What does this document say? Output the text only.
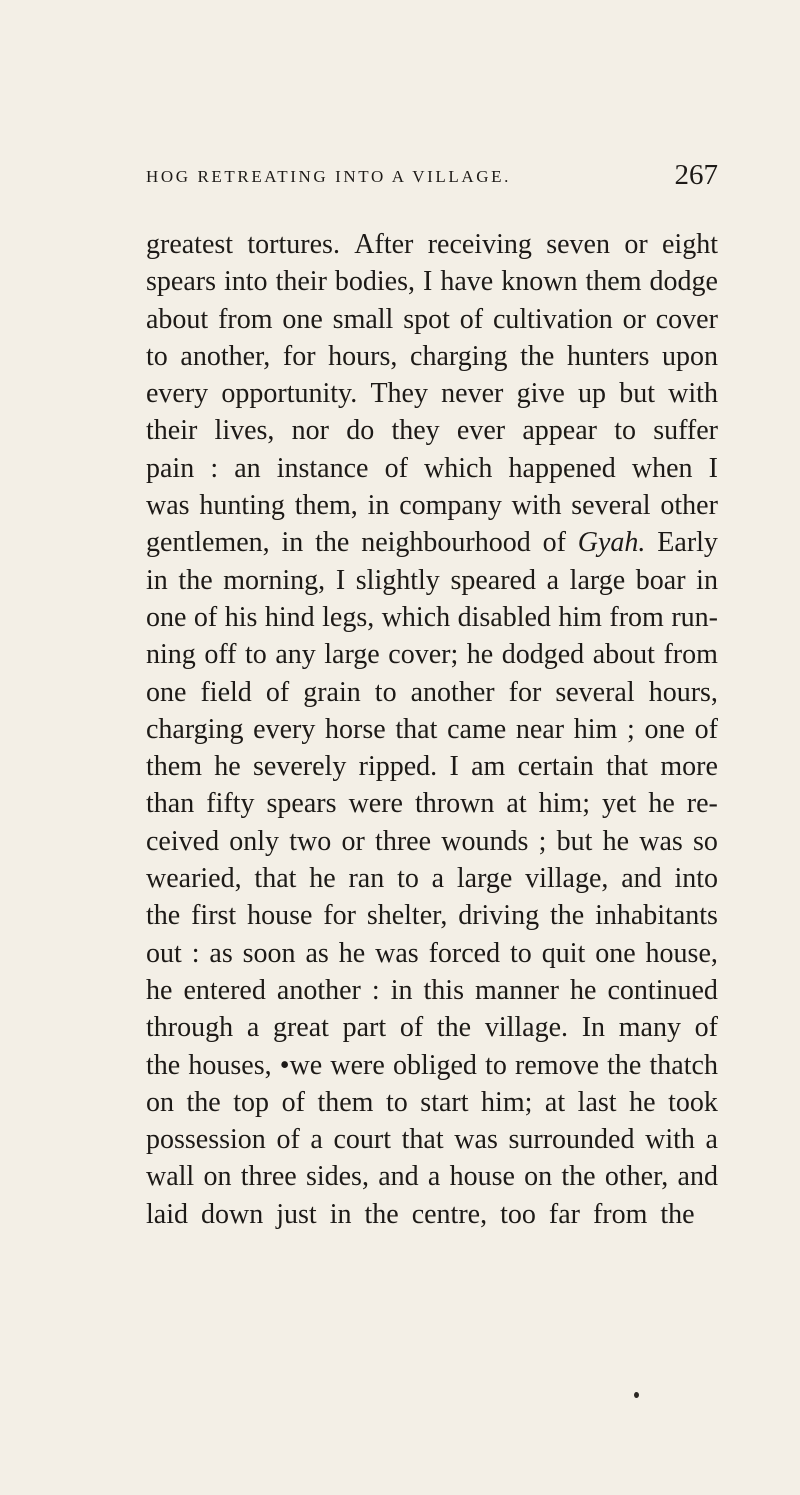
HOG RETREATING INTO A VILLAGE.	267
greatest tortures. After receiving seven or eight
spears into their bodies, I have known them dodge
about from one small spot of cultivation or cover
to another, for hours, charging the hunters upon
every opportunity. They never give up but with
their lives, nor do they ever appear to suffer
pain : an instance of which happened when I
was hunting them, in company with several other
gentlemen, in the neighbourhood of Gyah. Early
in the morning, I slightly speared a large boar in
one of his hind legs, which disabled him from run-
ning off to any large cover; he dodged about from
one field of grain to another for several hours,
charging every horse that came near him ; one of
them he severely ripped. I am certain that more
than fifty spears were thrown at him; yet he re-
ceived only two or three wounds ; but he was so
wearied, that he ran to a large village, and into
the first house for shelter, driving the inhabitants
out : as soon as he was forced to quit one house,
he entered another : in this manner he continued
through a great part of the village. In many of
the houses, •we were obliged to remove the thatch
on the top of them to start him; at last he took
possession of a court that was surrounded with a
wall on three sides, and a house on the other, and
laid down just in the centre, too far from the
